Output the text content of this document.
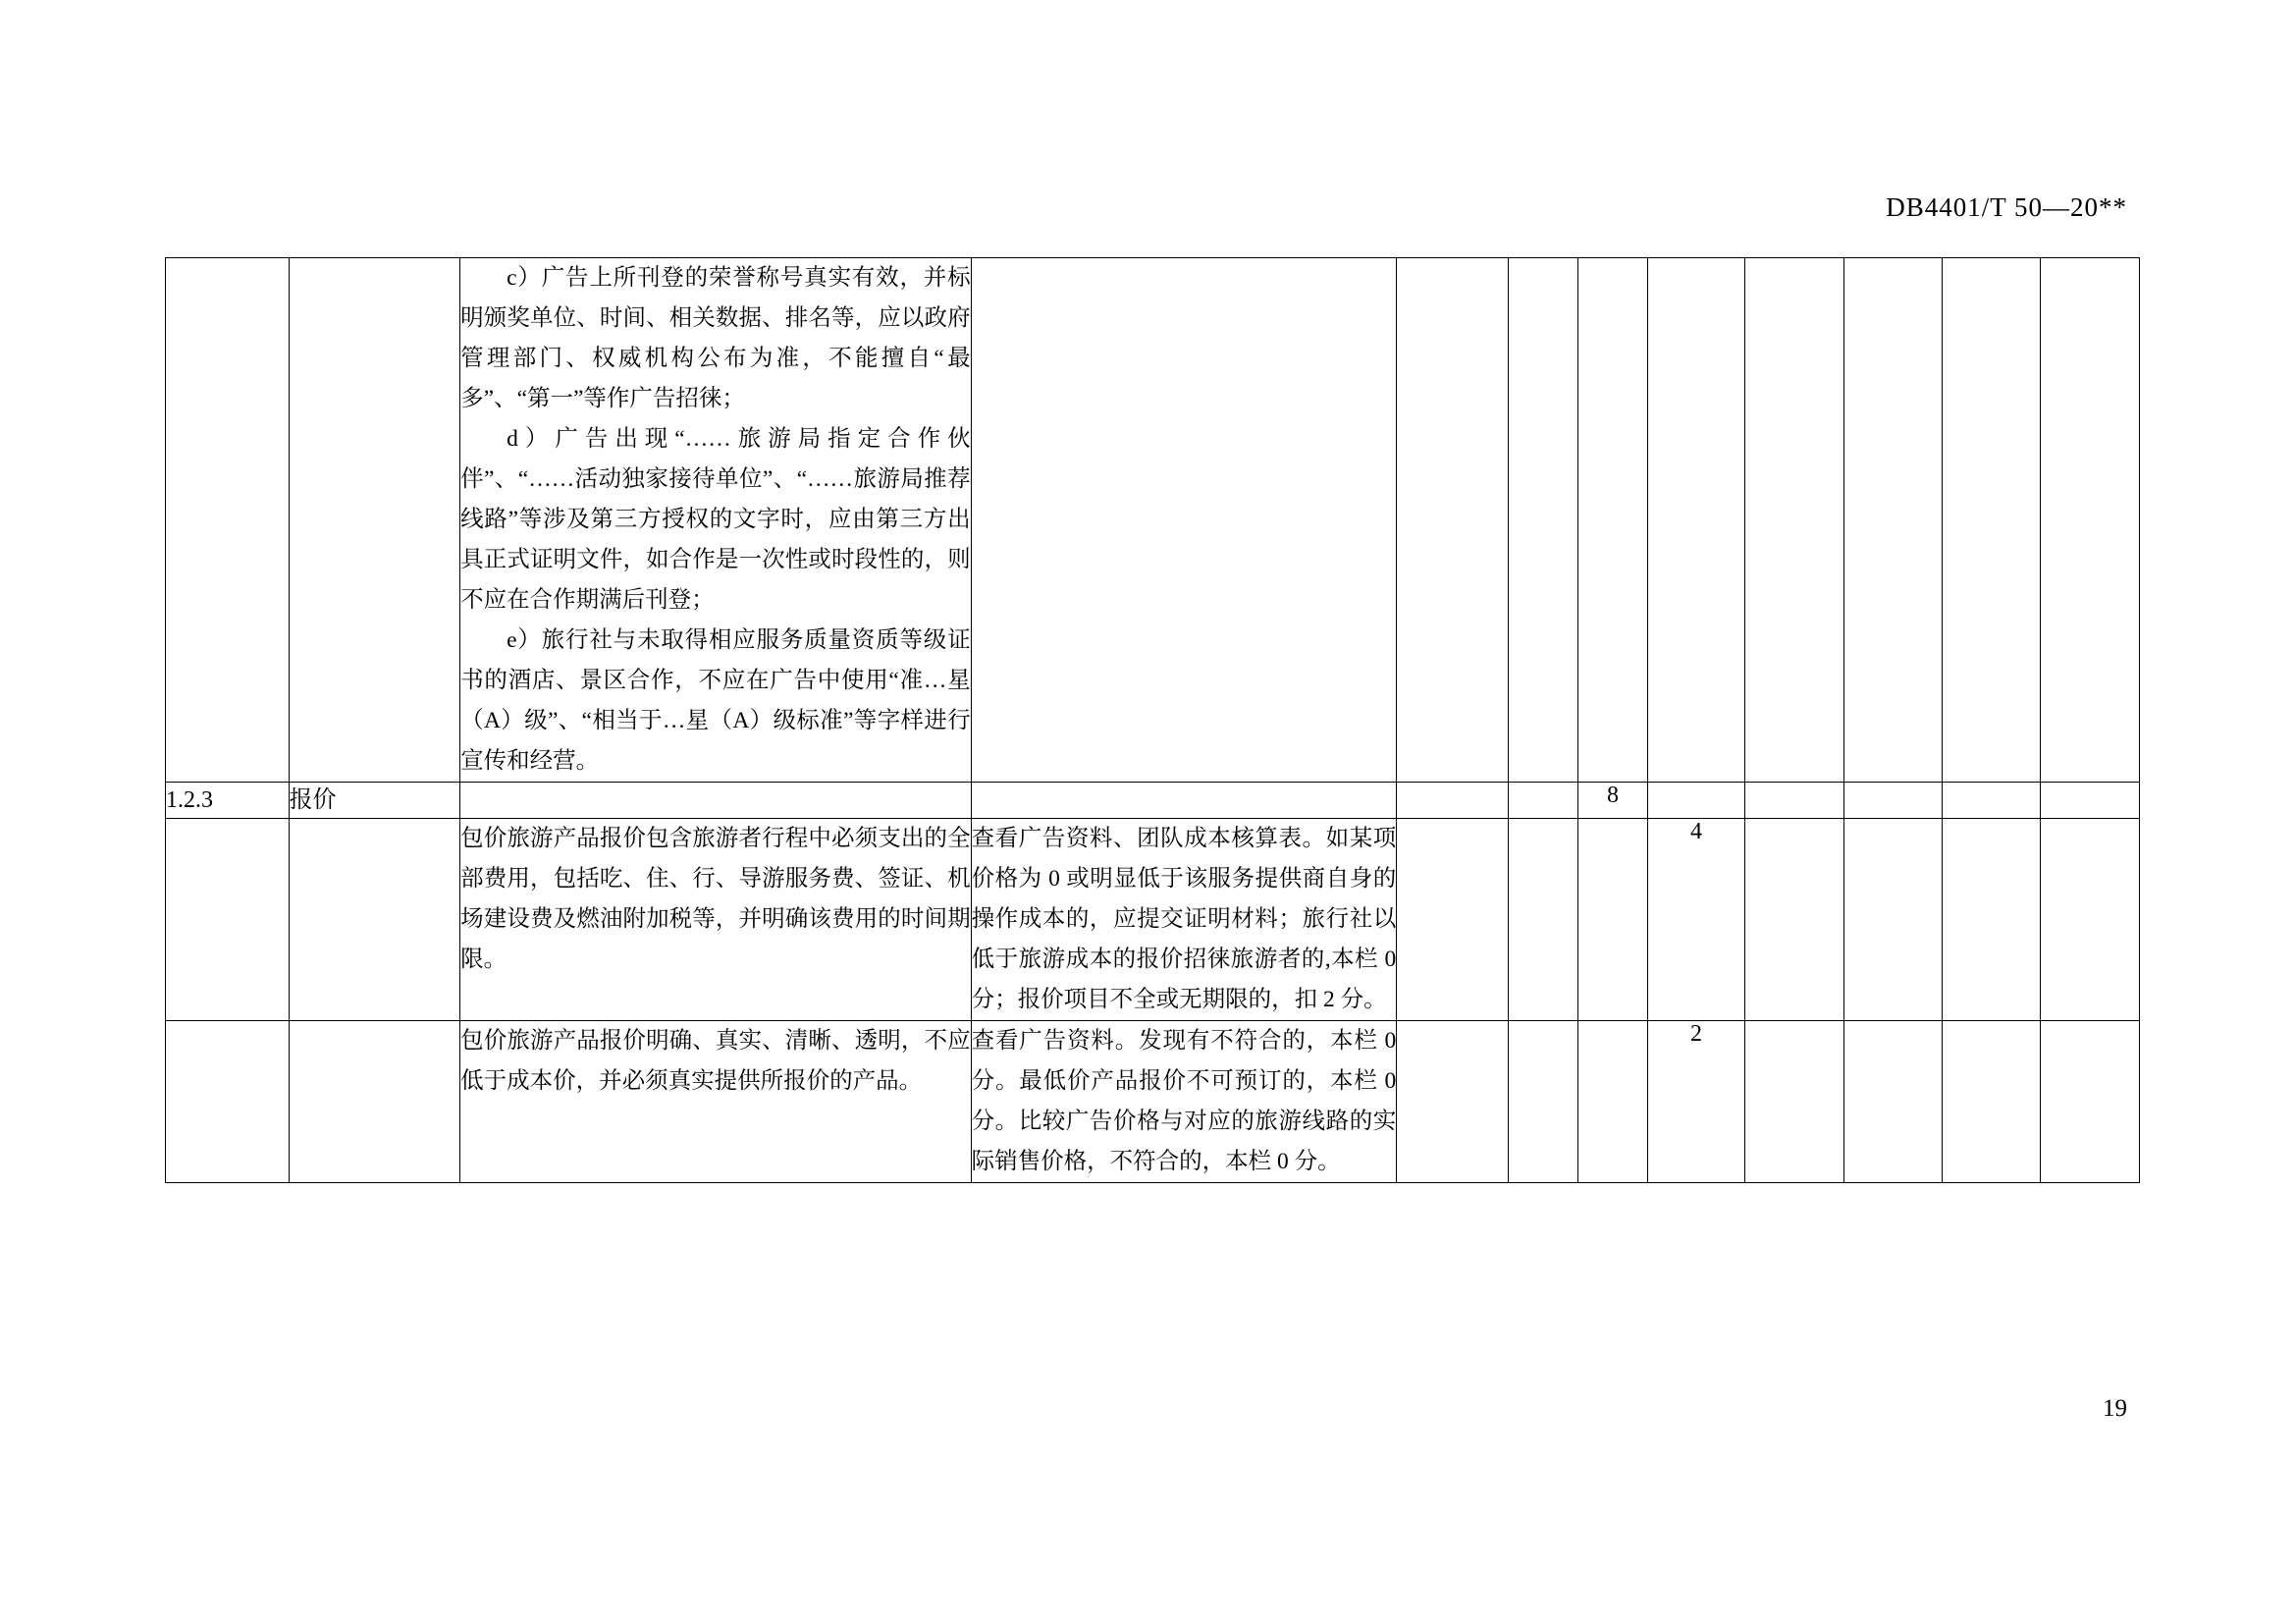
DB4401/T 50—20**

		c）广告上所刊登的荣誉称号真实有效，并标明颁奖单位、时间、相关数据、排名等，应以政府管理部门、权威机构公布为准，不能擅自“最多”、“第一”等作广告招徕；
d）广告出现“……旅游局指定合作伙伴”、“……活动独家接待单位”、“……旅游局推荐线路”等涉及第三方授权的文字时，应由第三方出具正式证明文件，如合作是一次性或时段性的，则不应在合作期满后刊登；
e）旅行社与未取得相应服务质量资质等级证书的酒店、景区合作，不应在广告中使用“准…星（A）级”、“相当于…星（A）级标准”等字样进行宣传和经营。									

1.2.3	报价					8					

		包价旅游产品报价包含旅游者行程中必须支出的全部费用，包括吃、住、行、导游服务费、签证、机场建设费及燃油附加税等，并明确该费用的时间期限。	查看广告资料、团队成本核算表。如某项价格为 0 或明显低于该服务提供商自身的操作成本的，应提交证明材料；旅行社以低于旅游成本的报价招徕旅游者的,本栏 0 分；报价项目不全或无期限的，扣 2 分。				4				

		包价旅游产品报价明确、真实、清晰、透明，不应低于成本价，并必须真实提供所报价的产品。	查看广告资料。发现有不符合的，本栏 0 分。最低价产品报价不可预订的，本栏 0 分。比较广告价格与对应的旅游线路的实际销售价格，不符合的，本栏 0 分。				2				
19
